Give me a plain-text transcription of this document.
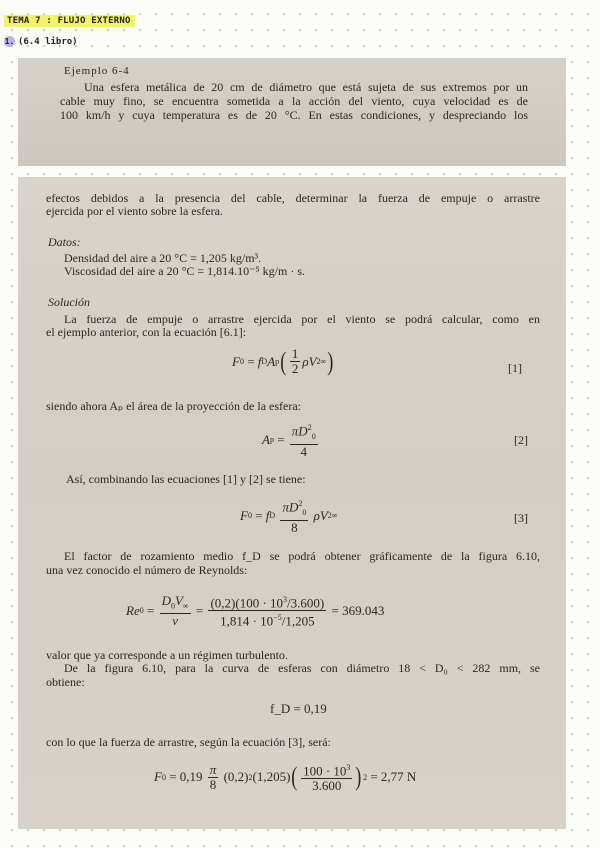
TEMA 7 : FLUJO EXTERNO
1. (6.4 libro)
Ejemplo 6-4
Una esfera metálica de 20 cm de diámetro que está sujeta de sus extremos por un
cable muy fino, se encuentra sometida a la acción del viento, cuya velocidad es de
100 km/h y cuya temperatura es de 20 °C. En estas condiciones, y despreciando los
efectos debidos a la presencia del cable, determinar la fuerza de empuje o arrastre
ejercida por el viento sobre la esfera.
Datos:
Densidad del aire a 20 °C = 1,205 kg/m³.
Viscosidad del aire a 20 °C = 1,814.10⁻⁵ kg/m · s.
Solución
La fuerza de empuje o arrastre ejercida por el viento se podrá calcular, como en
el ejemplo anterior, con la ecuación [6.1]:
F 0 = f D A p ( $\frac{1}{2}$ ρV 2 ∞ )	[1]
siendo ahora Aₚ el área de la proyección de la esfera:
A $p = \frac{\pi D^2_0}{4}$	[2]
Así, combinando las ecuaciones [1] y [2] se tiene:
F 0 = f D
$\frac{\pi D^2_0}{8}$
ρV 2 ∞	[3]
El factor de rozamiento medio f_D se podrá obtener gráficamente de la figura 6.10,
una vez conocido el número de Reynolds:
Re $0 = \frac{D_0V_\infty}{\nu} = \frac{(0,2)(100 \cdot 10^3/3.600)}{1,814 \cdot 10^{-5}/1,205}$
= 369.043
valor que ya corresponde a un régimen turbulento.
De la figura 6.10, para la curva de esferas con diámetro 18 < D₀ < 282 mm, se
obtiene:
f_D = 0,19
con lo que la fuerza de arrastre, según la ecuación [3], será:
F $0 = 0,19 \frac{\pi}{8} (0,2)$ 2 (1,205) ( $\frac{100 \cdot 10^3}{3.600}$ ) 2
= 2,77 N
